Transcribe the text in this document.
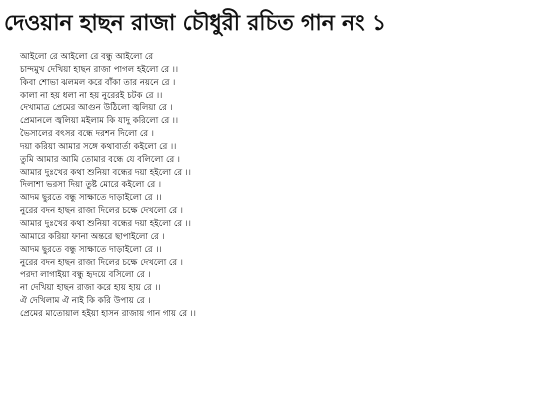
দেওয়ান হাছন রাজা চৌধুরী রচিত গান নং ১
আইলো রে আইলো রে বন্ধু আইলো রে
চান্দমুখ দেখিয়া হাছন রাজা পাগল হইলো রে ।।
কিবা শোভা ঝলমল করে বাঁকা তার নয়নে রে ।
কালা না হয় ধলা না হয় নুরেরই চটক রে ।।
দেখামাত্র প্রেমের আগুন উঠিলো জ্বলিয়া রে ।
প্রেমানলে জ্বলিয়া মইলাম কি যাদু করিলো রে ।।
ভৈসালের বৎসর বন্ধে দরশন দিলো রে ।
দয়া করিয়া আমার সঙ্গে কথাবার্তা কইলো রে ।।
তুমি আমার আমি তোমার বন্ধে যে বলিলো রে ।
আমার দুঃখের কথা শুনিয়া বন্ধের দয়া হইলো রে ।।
দিলাশা ভরসা দিয়া তুষ্ট মোরে কইলো রে ।
আদম ছুরতে বন্ধু সাক্ষাতে দাড়াইলো রে ।।
নুরের বদন হাছন রাজা দিলের চক্ষে দেখলো রে ।
আমার দুঃখের কথা শুনিয়া বন্ধের দয়া হইলো রে ।।
আমারে করিয়া ফানা অন্তরে ছাপাইলো রে ।
আদম ছুরতে বন্ধু সাক্ষাতে দাড়াইলো রে ।।
নুরের বদন হাছন রাজা দিলের চক্ষে দেখলো রে ।
পরদা লাগাইয়া বন্ধু হৃদয়ে বসিলো রে ।
না দেখিয়া হাছন রাজা করে হায় হায় রে ।।
ঐ দেখিলাম ঐ নাই কি করি উপায় রে ।
প্রেমের মাতোয়াল হইয়া হাসন রাজায় গান গায় রে ।।
